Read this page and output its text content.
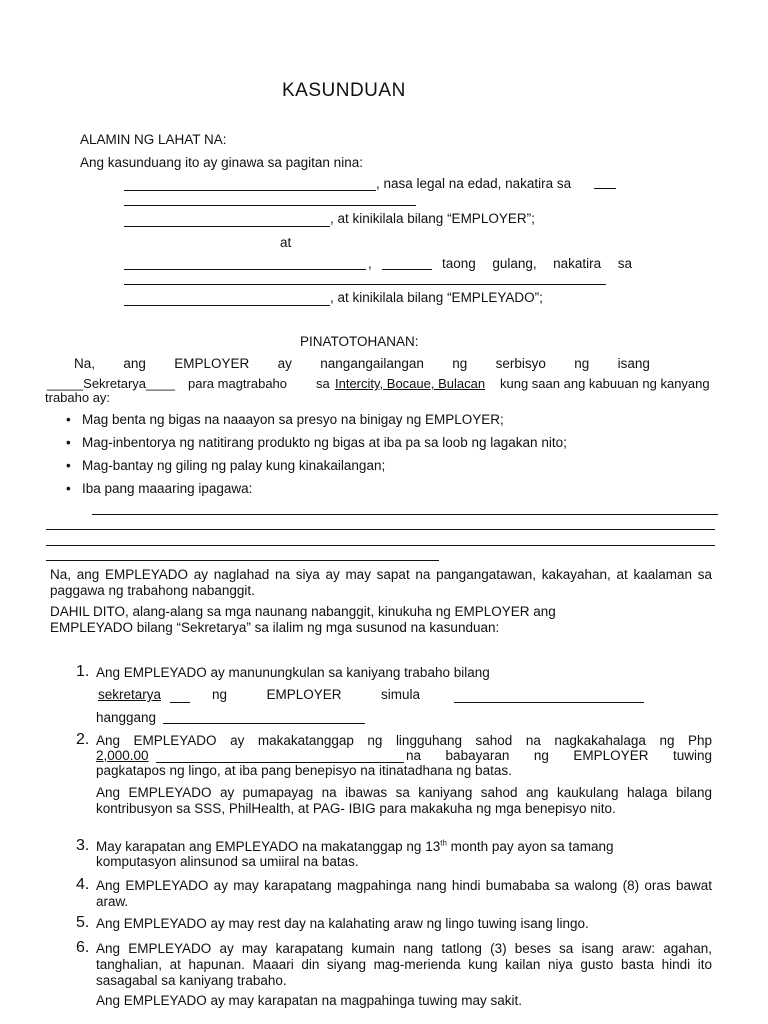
KASUNDUAN
ALAMIN NG LAHAT NA:
Ang kasunduang ito ay ginawa sa pagitan nina:
, nasa legal na edad, nakatira sa
, at kinikilala bilang “EMPLOYER”;
at
,	taong gulang, nakatira sa
, at kinikilala bilang “EMPLEYADO”;
PINATOTOHANAN:
Na, ang EMPLOYER ay nangangailangan ng serbisyo ng isang
_____Sekretarya____ para magtrabaho sa Intercity, Bocaue, Bulacan kung saan ang kabuuan ng kanyang
trabaho ay:
• Mag benta ng bigas na naaayon sa presyo na binigay ng EMPLOYER;
• Mag-inbentorya ng natitirang produkto ng bigas at iba pa sa loob ng lagakan nito;
• Mag-bantay ng giling ng palay kung kinakailangan;
• Iba pang maaaring ipagawa:
Na, ang EMPLEYADO ay naglahad na siya ay may sapat na pangangatawan, kakayahan, at kaalaman sa paggawa ng trabahong nabanggit.
DAHIL DITO, alang-alang sa mga naunang nabanggit, kinukuha ng EMPLOYER ang
EMPLEYADO bilang “Sekretarya” sa ilalim ng mga susunod na kasunduan:
1. Ang EMPLEYADO ay manunungkulan sa kaniyang trabaho bilang
sekretarya	ng	EMPLOYER	simula
hanggang
2. Ang EMPLEYADO ay makakatanggap ng lingguhang sahod na nagkakahalaga ng Php
2,000.00	na babayaran ng EMPLOYER tuwing
pagkatapos ng lingo, at iba pang benepisyo na itinatadhana ng batas.
Ang EMPLEYADO ay pumapayag na ibawas sa kaniyang sahod ang kaukulang halaga bilang kontribusyon sa SSS, PhilHealth, at PAG- IBIG para makakuha ng mga benepisyo nito.
3. May karapatan ang EMPLEYADO na makatanggap ng 13th month pay ayon sa tamang
komputasyon alinsunod sa umiiral na batas.
4. Ang EMPLEYADO ay may karapatang magpahinga nang hindi bumababa sa walong (8) oras bawat araw.
5. Ang EMPLEYADO ay may rest day na kalahating araw ng lingo tuwing isang lingo.
6. Ang EMPLEYADO ay may karapatang kumain nang tatlong (3) beses sa isang araw: agahan, tanghalian, at hapunan. Maaari din siyang mag-merienda kung kailan niya gusto basta hindi ito sasagabal sa kaniyang trabaho.
Ang EMPLEYADO ay may karapatan na magpahinga tuwing may sakit.
